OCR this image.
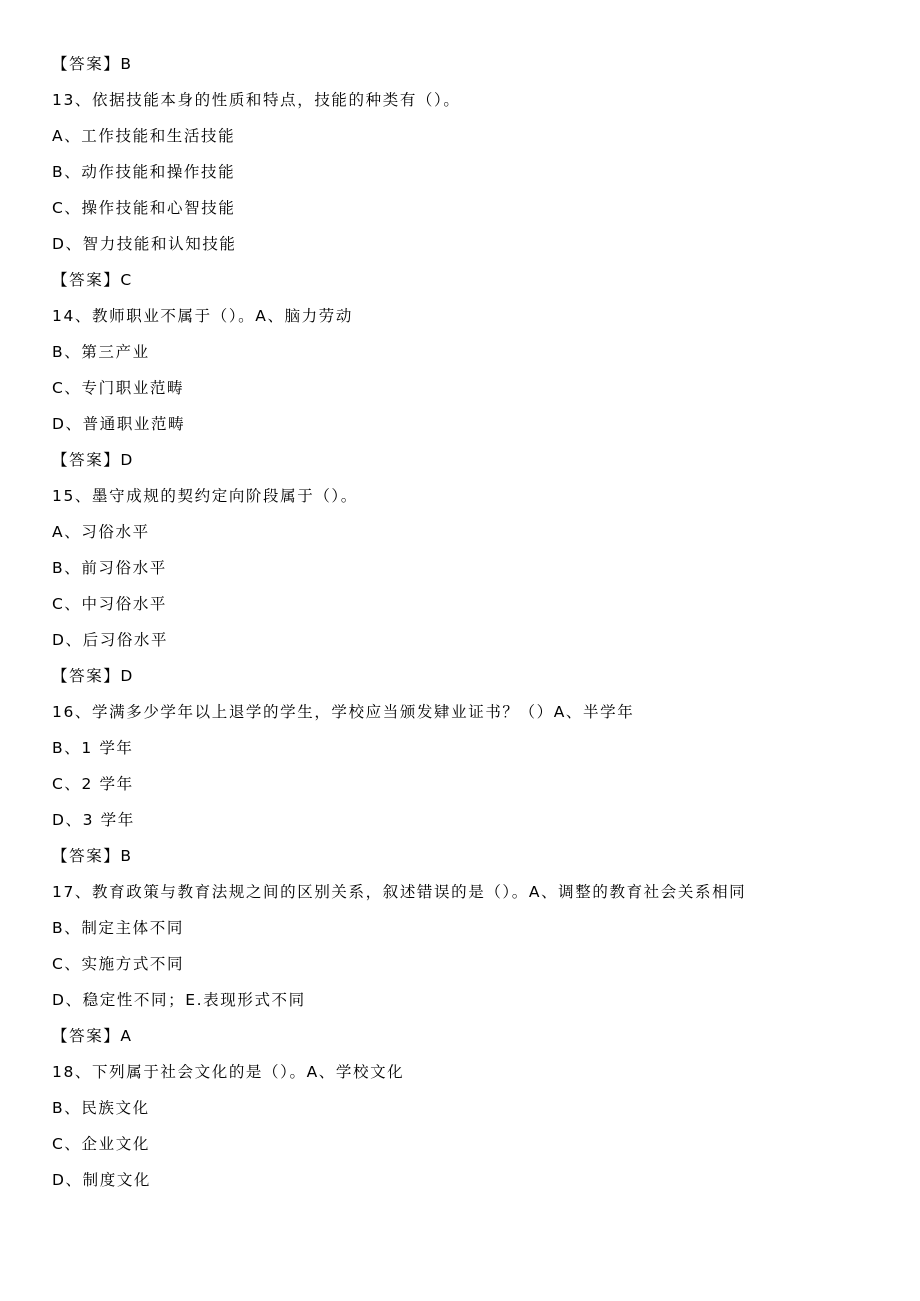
【答案】B
13、依据技能本身的性质和特点，技能的种类有（）。
A、工作技能和生活技能
B、动作技能和操作技能
C、操作技能和心智技能
D、智力技能和认知技能
【答案】C
14、教师职业不属于（）。A、脑力劳动
B、第三产业
C、专门职业范畴
D、普通职业范畴
【答案】D
15、墨守成规的契约定向阶段属于（）。
A、习俗水平
B、前习俗水平
C、中习俗水平
D、后习俗水平
【答案】D
16、学满多少学年以上退学的学生，学校应当颁发肄业证书？（）A、半学年
B、1 学年
C、2 学年
D、3 学年
【答案】B
17、教育政策与教育法规之间的区别关系，叙述错误的是（）。A、调整的教育社会关系相同
B、制定主体不同
C、实施方式不同
D、稳定性不同；E.表现形式不同
【答案】A
18、下列属于社会文化的是（）。A、学校文化
B、民族文化
C、企业文化
D、制度文化
